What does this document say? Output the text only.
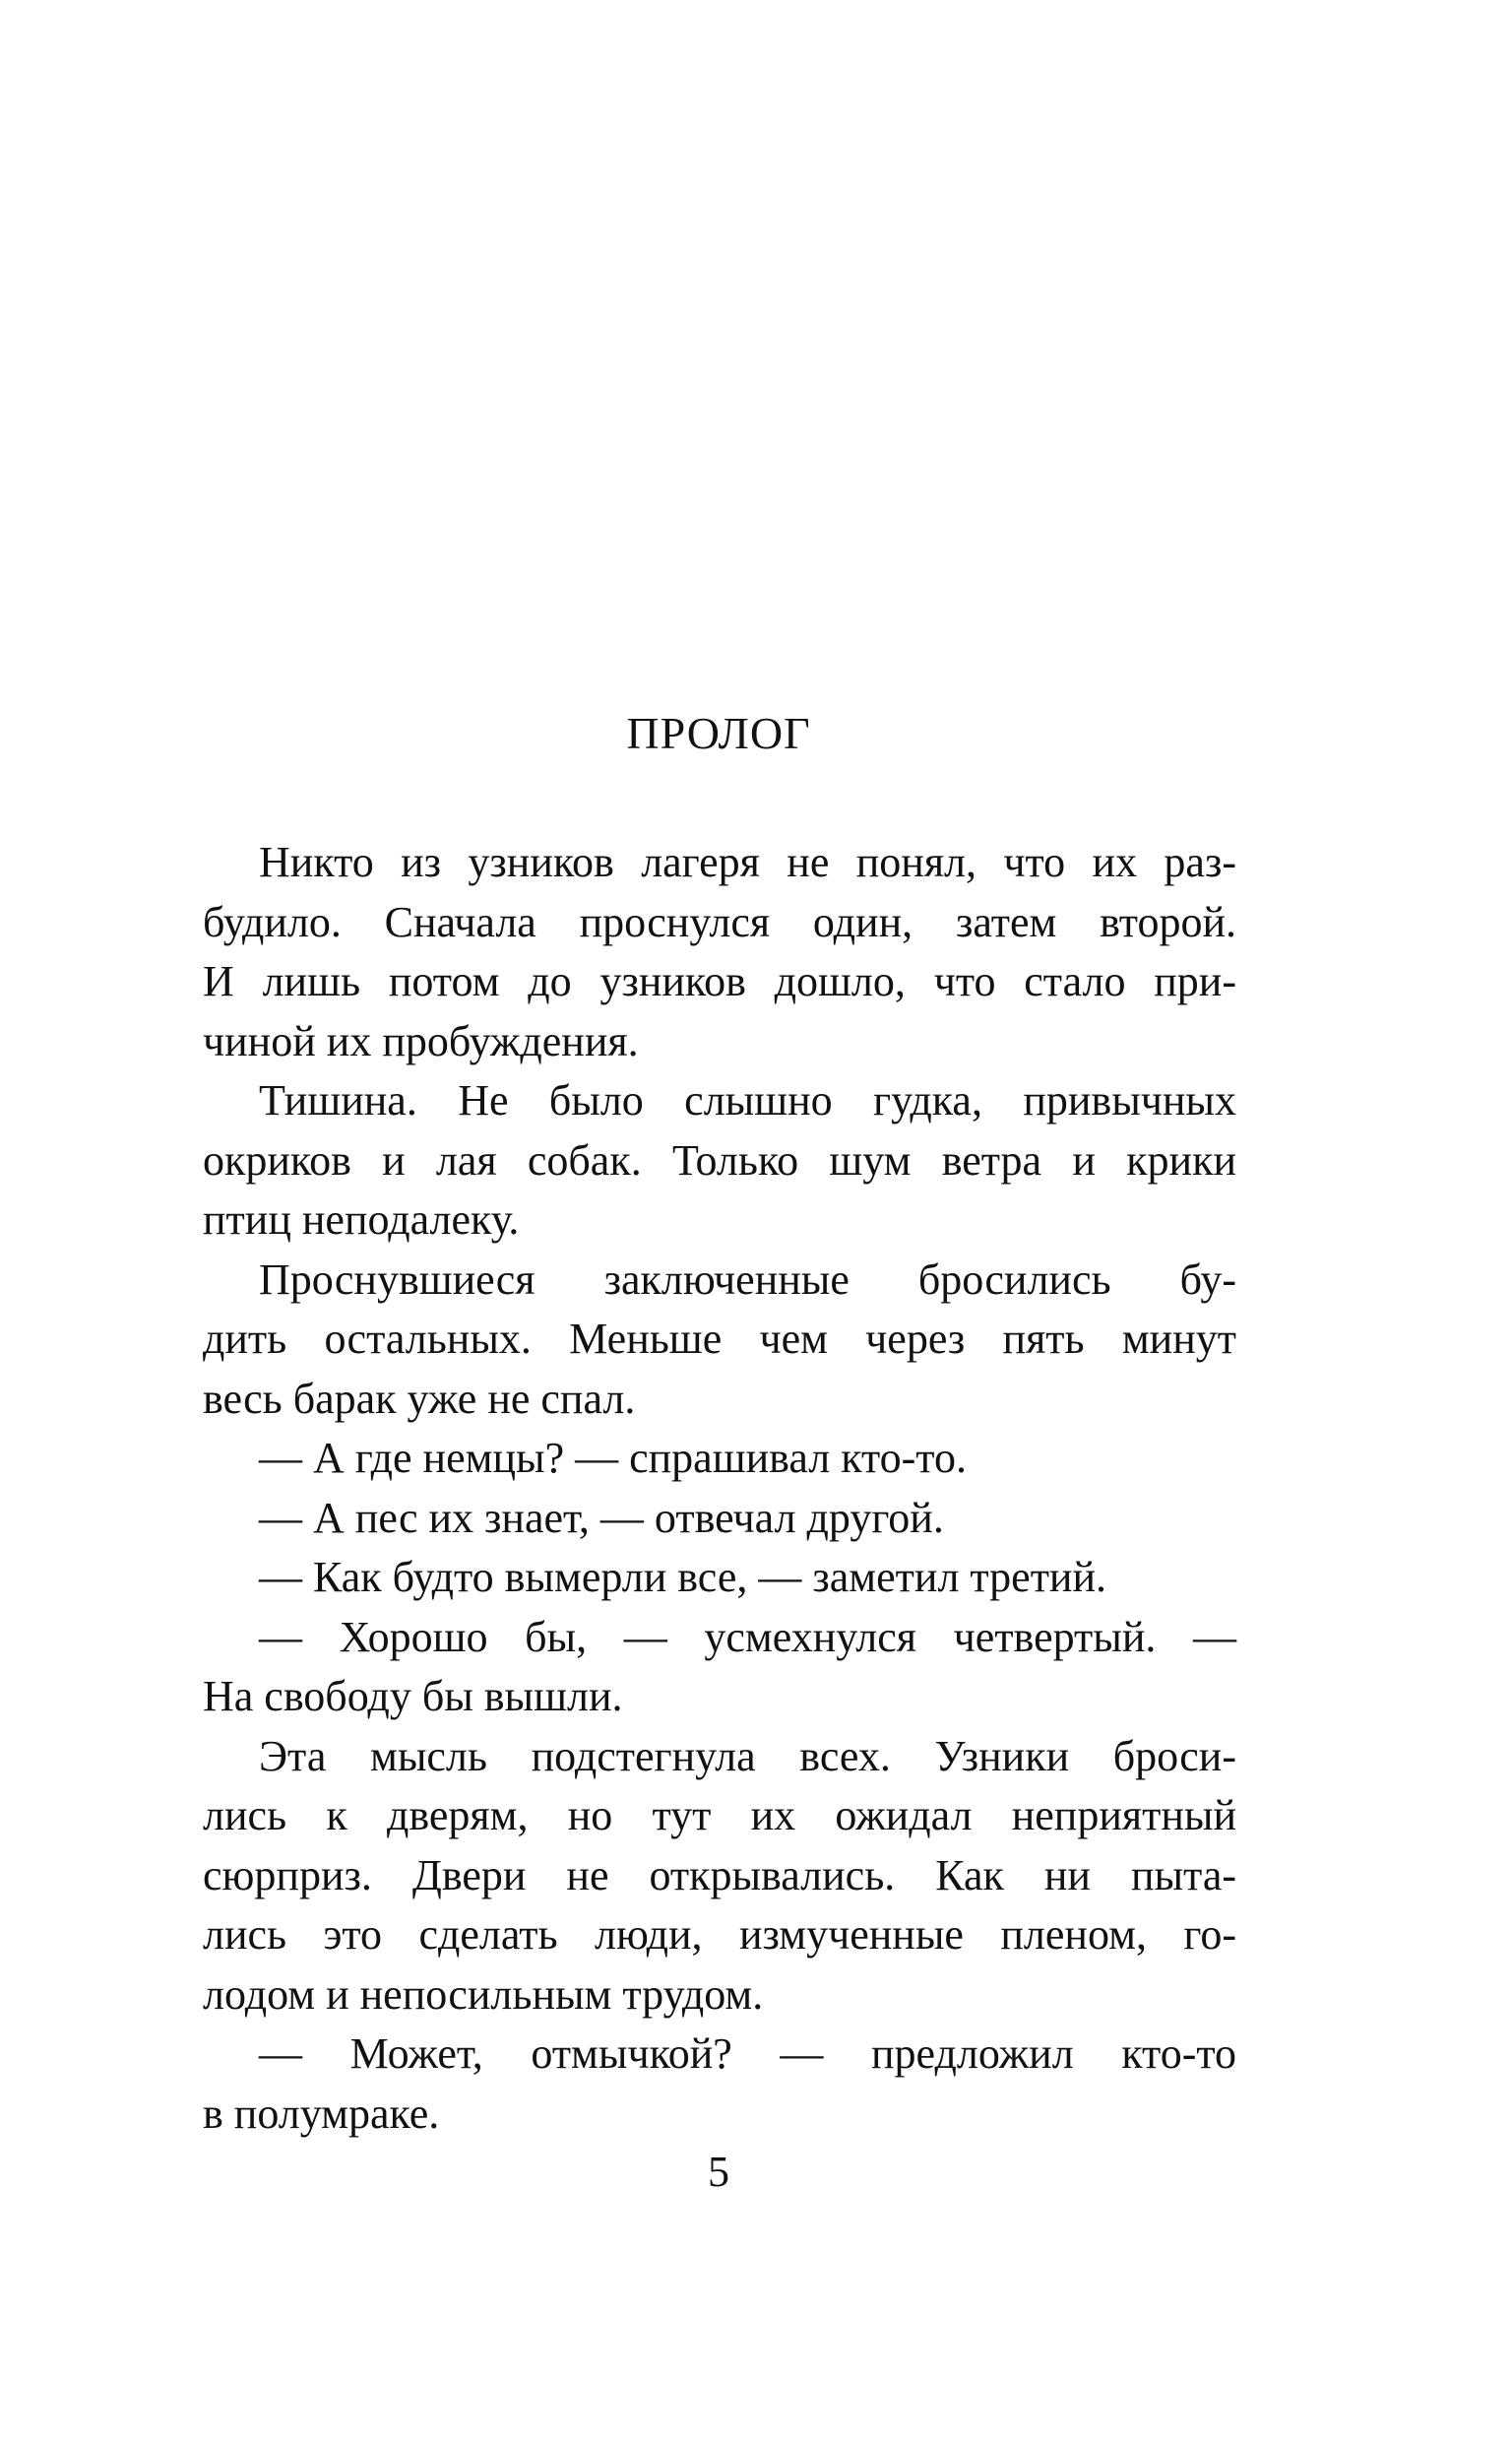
ПРОЛОГ
Никто из узников лагеря не понял, что их раз-
будило. Сначала проснулся один, затем второй.
И лишь потом до узников дошло, что стало при-
чиной их пробуждения.
Тишина. Не было слышно гудка, привычных
окриков и лая собак. Только шум ветра и крики
птиц неподалеку.
Проснувшиеся заключенные бросились бу-
дить остальных. Меньше чем через пять минут
весь барак уже не спал.
— А где немцы? — спрашивал кто-то.
— А пес их знает, — отвечал другой.
— Как будто вымерли все, — заметил третий.
— Хорошо бы, — усмехнулся четвертый. —
На свободу бы вышли.
Эта мысль подстегнула всех. Узники броси-
лись к дверям, но тут их ожидал неприятный
сюрприз. Двери не открывались. Как ни пыта-
лись это сделать люди, измученные пленом, го-
лодом и непосильным трудом.
— Может, отмычкой? — предложил кто-то
в полумраке.
5
